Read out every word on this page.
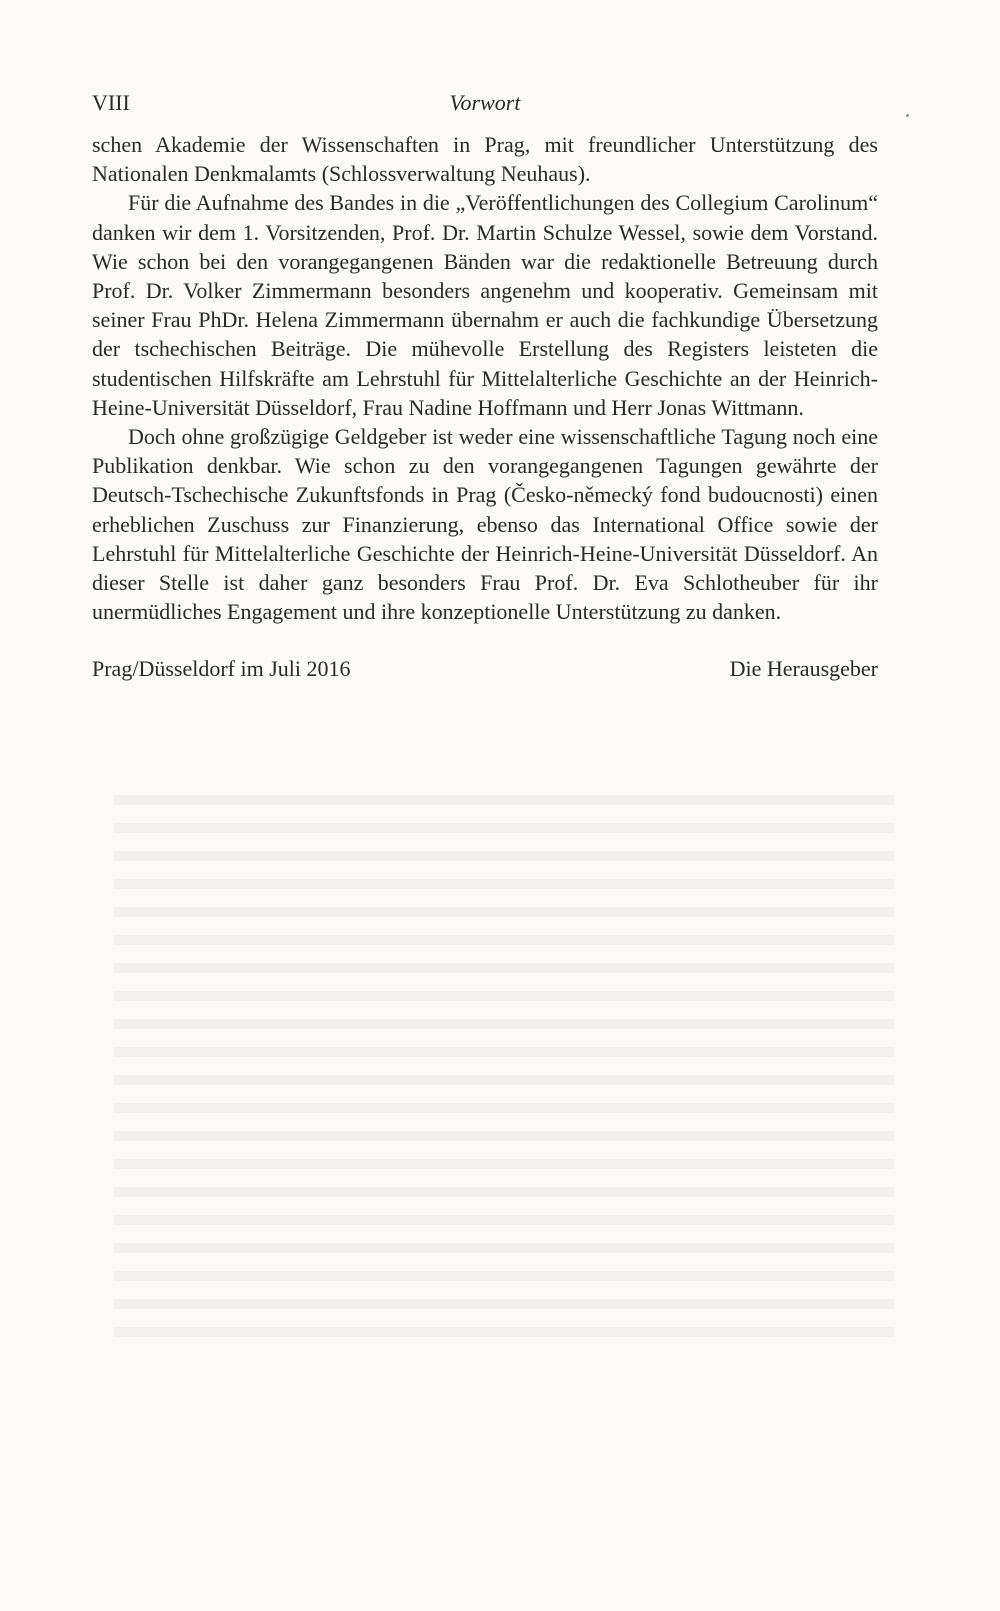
VIII	Vorwort

schen Akademie der Wissenschaften in Prag, mit freundlicher Unterstützung des Nationalen Denkmalamts (Schlossverwaltung Neuhaus).

Für die Aufnahme des Bandes in die „Veröffentlichungen des Collegium Carolinum“ danken wir dem 1. Vorsitzenden, Prof. Dr. Martin Schulze Wessel, sowie dem Vorstand. Wie schon bei den vorangegangenen Bänden war die redaktionelle Betreuung durch Prof. Dr. Volker Zimmermann besonders angenehm und kooperativ. Gemeinsam mit seiner Frau PhDr. Helena Zimmermann übernahm er auch die fachkundige Übersetzung der tschechischen Beiträge. Die mühevolle Erstellung des Registers leisteten die studentischen Hilfskräfte am Lehrstuhl für Mittelalterliche Geschichte an der Heinrich-Heine-Universität Düsseldorf, Frau Nadine Hoffmann und Herr Jonas Wittmann.

Doch ohne großzügige Geldgeber ist weder eine wissenschaftliche Tagung noch eine Publikation denkbar. Wie schon zu den vorangegangenen Tagungen gewährte der Deutsch-Tschechische Zukunftsfonds in Prag (Česko-německý fond budoucnosti) einen erheblichen Zuschuss zur Finanzierung, ebenso das International Office sowie der Lehrstuhl für Mittelalterliche Geschichte der Heinrich-Heine-Universität Düsseldorf. An dieser Stelle ist daher ganz besonders Frau Prof. Dr. Eva Schlotheuber für ihr unermüdliches Engagement und ihre konzeptionelle Unterstützung zu danken.

Prag/Düsseldorf im Juli 2016	Die Herausgeber
